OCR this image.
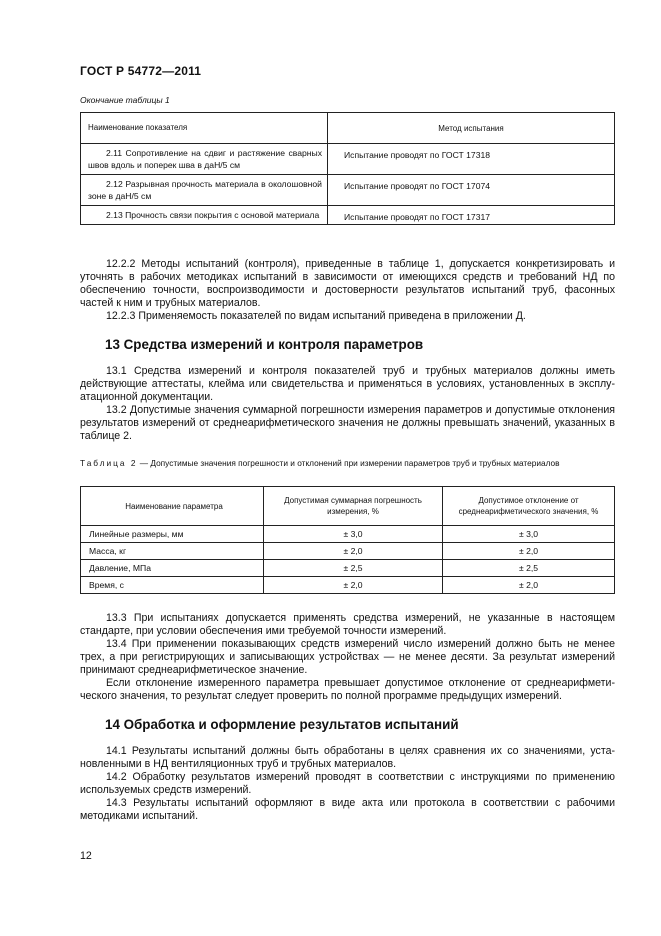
ГОСТ Р 54772—2011
Окончание таблицы 1
Наименование показателя	Метод испытания
2.11 Сопротивление на сдвиг и растяжение сварных швов вдоль и поперек шва в даН/5 см	Испытание проводят по ГОСТ 17318
2.12 Разрывная прочность материала в околошовной зоне в даН/5 см	Испытание проводят по ГОСТ 17074
2.13 Прочность связи покрытия с основой материала	Испытание проводят по ГОСТ 17317

12.2.2 Методы испытаний (контроля), приведенные в таблице 1, допускается конкретизировать и уточнять в рабочих методиках испытаний в зависимости от имеющихся средств и требований НД по обеспечению точности, воспроизводимости и достоверности результатов испытаний труб, фасонных частей к ним и трубных материалов.

12.2.3 Применяемость показателей по видам испытаний приведена в приложении Д.

13 Средства измерений и контроля параметров

13.1 Средства измерений и контроля показателей труб и трубных материалов должны иметь действующие аттестаты, клейма или свидетельства и применяться в условиях, установленных в эксплуатационной документации.

13.2 Допустимые значения суммарной погрешности измерения параметров и допустимые отклонения результатов измерений от среднеарифметического значения не должны превышать значений, указанных в таблице 2.

Таблица 2 — Допустимые значения погрешности и отклонений при измерении параметров труб и трубных материалов
Наименование параметра	Допустимая суммарная погрешность измерения, %	Допустимое отклонение от среднеарифметического значения, %
Линейные размеры, мм	± 3,0	± 3,0
Масса, кг	± 2,0	± 2,0
Давление, МПа	± 2,5	± 2,5
Время, с	± 2,0	± 2,0

13.3 При испытаниях допускается применять средства измерений, не указанные в настоящем стандарте, при условии обеспечения ими требуемой точности измерений.

13.4 При применении показывающих средств измерений число измерений должно быть не менее трех, а при регистрирующих и записывающих устройствах — не менее десяти. За результат измерений принимают среднеарифметическое значение.

Если отклонение измеренного параметра превышает допустимое отклонение от среднеарифметического значения, то результат следует проверить по полной программе предыдущих измерений.

14 Обработка и оформление результатов испытаний

14.1 Результаты испытаний должны быть обработаны в целях сравнения их со значениями, установленными в НД вентиляционных труб и трубных материалов.

14.2 Обработку результатов измерений проводят в соответствии с инструкциями по применению используемых средств измерений.

14.3 Результаты испытаний оформляют в виде акта или протокола в соответствии с рабочими методиками испытаний.

12
